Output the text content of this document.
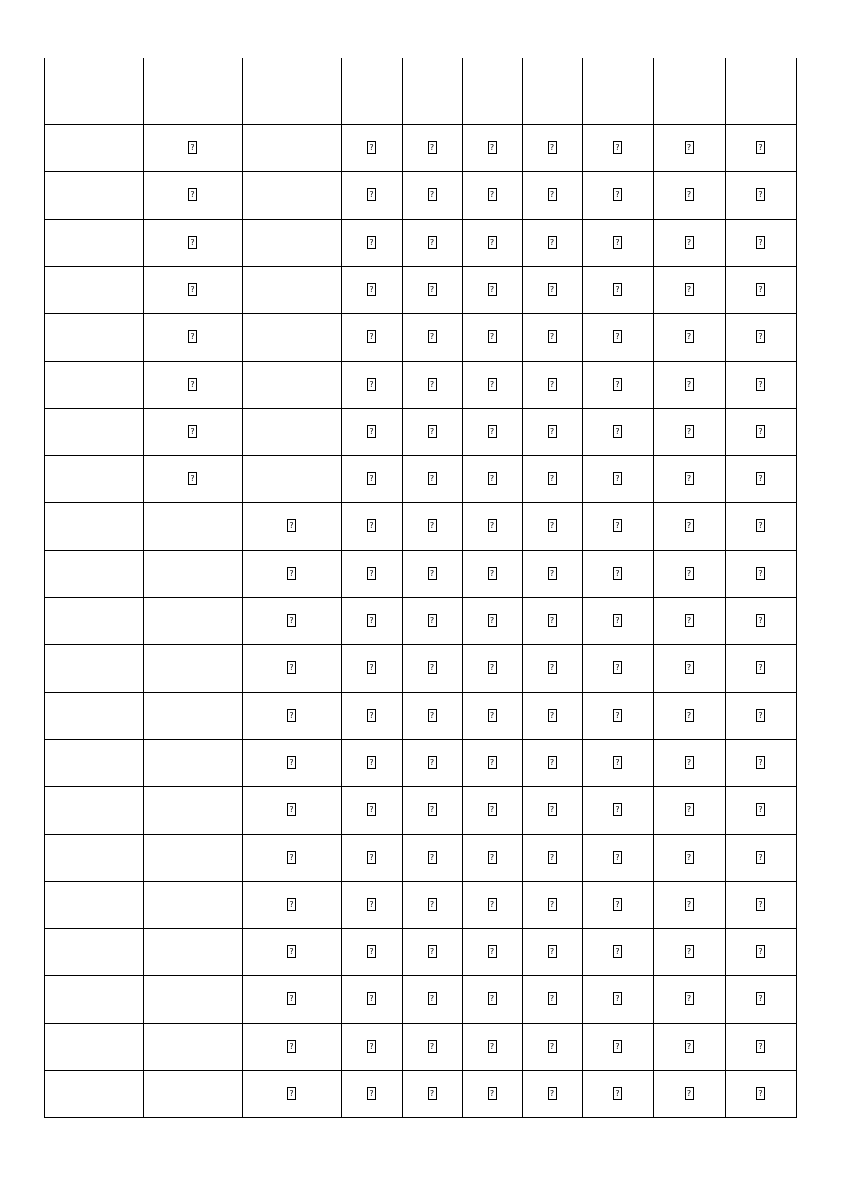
?
?
?
?
?
?
?
?
?
?
?
?
?
?
?
?
?
?
?
?
?
?
?
?
?
?
?
?
?
?
?
?
?
?
?
?
?
?
?
?
?
?
?
?
?
?
?
?
?
?
?
?
?
?
?
?
?
?
?
?
?
?
?
?
?
?
?
?
?
?
?
?
?
?
?
?
?
?
?
?
?
?
?
?
?
?
?
?
?
?
?
?
?
?
?
?
?
?
?
?
?
?
?
?
?
?
?
?
?
?
?
?
?
?
?
?
?
?
?
?
?
?
?
?
?
?
?
?
?
?
?
?
?
?
?
?
?
?
?
?
?
?
?
?
?
?
?
?
?
?
?
?
?
?
?
?
?
?
?
?
?
?
?
?
?
?
?
?
